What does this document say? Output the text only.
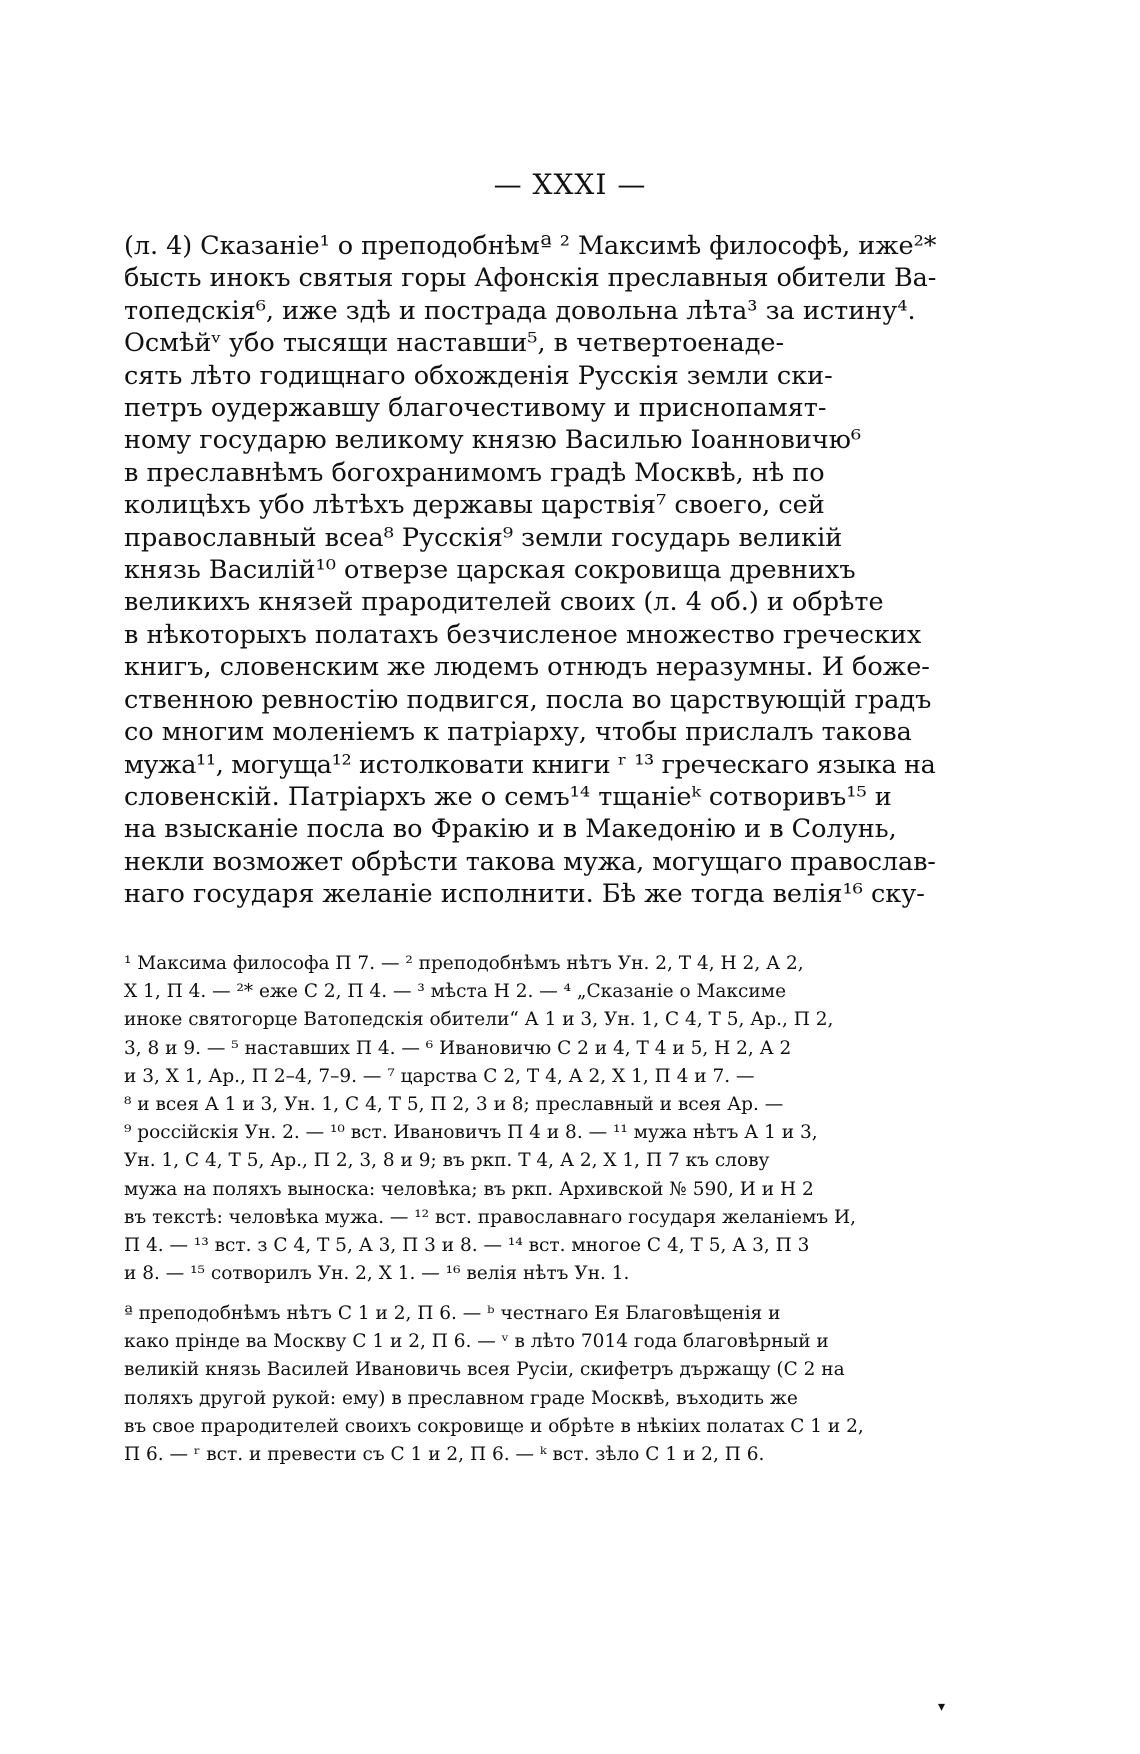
— XXXI —
(л. 4) Сказаніе¹ о преподобнѣмª ² Максимѣ философѣ, иже²*
бысть инокъ святыя горы Афонскія преславныя обители Ва-
топедскія⁶, иже здѣ и пострада довольна лѣта³ за истину⁴.
Осмѣйᵛ убо тысящи наставши⁵, в четвертоенаде-
сять лѣто годищнаго обхожденія Русскія земли ски-
петръ оудержавшу благочестивому и приснопамят-
ному государю великому князю Василью Іоанновичю⁶
в преславнѣмъ богохранимомъ градѣ Москвѣ, нѣ по
колицѣхъ убо лѣтѣхъ державы царствія⁷ своего, сей
православный всеа⁸ Русскія⁹ земли государь великій
князь Василій¹⁰ отверзе царская сокровища древнихъ
великихъ князей прародителей своих (л. 4 об.) и обрѣте
в нѣкоторыхъ полатахъ безчисленое множество греческих
книгъ, словенским же людемъ отнюдъ неразумны. И боже-
ственною ревностію подвигся, посла во царствующій градъ
со многим моленіемъ к патріарху, чтобы прислалъ такова
мужа¹¹, могуща¹² истолковати книги ʳ ¹³ греческаго языка на
словенскій. Патріархъ же о семъ¹⁴ тщаніеᵏ сотворивъ¹⁵ и
на взысканіе посла во Фракію и в Македонію и в Солунь,
некли возможет обрѣсти такова мужа, могущаго православ-
наго государя желаніе исполнити. Бѣ же тогда велія¹⁶ ску-
¹ Максима философа П 7. — ² преподобнѣмъ нѣтъ Ун. 2, Т 4, Н 2, А 2,
Х 1, П 4. — ²* еже С 2, П 4. — ³ мѣста Н 2. — ⁴ „Сказаніе о Максиме
иноке святогорце Ватопедскія обители“ А 1 и 3, Ун. 1, С 4, Т 5, Ар., П 2,
3, 8 и 9. — ⁵ наставших П 4. — ⁶ Ивановичю С 2 и 4, Т 4 и 5, Н 2, А 2
и 3, Х 1, Ар., П 2–4, 7–9. — ⁷ царства С 2, Т 4, А 2, Х 1, П 4 и 7. —
⁸ и всея А 1 и 3, Ун. 1, С 4, Т 5, П 2, 3 и 8; преславный и всея Ар. —
⁹ россійскія Ун. 2. — ¹⁰ вст. Ивановичъ П 4 и 8. — ¹¹ мужа нѣтъ А 1 и 3,
Ун. 1, С 4, Т 5, Ар., П 2, 3, 8 и 9; въ ркп. Т 4, А 2, Х 1, П 7 къ слову
мужа на поляхъ выноска: человѣка; въ ркп. Архивской № 590, И и Н 2
въ текстѣ: человѣка мужа. — ¹² вст. православнаго государя желаніемъ И,
П 4. — ¹³ вст. з С 4, Т 5, А 3, П 3 и 8. — ¹⁴ вст. многое С 4, Т 5, А 3, П 3
и 8. — ¹⁵ сотворилъ Ун. 2, Х 1. — ¹⁶ велія нѣтъ Ун. 1.
ª преподобнѣмъ нѣтъ С 1 и 2, П 6. — ᵇ честнаго Ея Благовѣщенія и
како прінде ва Москву С 1 и 2, П 6. — ᵛ в лѣто 7014 года благовѣрный и
великій князь Василей Ивановичь всея Русіи, скифетръ държащу (С 2 на
поляхъ другой рукой: ему) в преславном граде Москвѣ, въходить же
въ свое прародителей своихъ сокровище и обрѣте в нѣкіих полатах С 1 и 2,
П 6. — ʳ вст. и превести съ С 1 и 2, П 6. — ᵏ вст. зѣло С 1 и 2, П 6.
▾
